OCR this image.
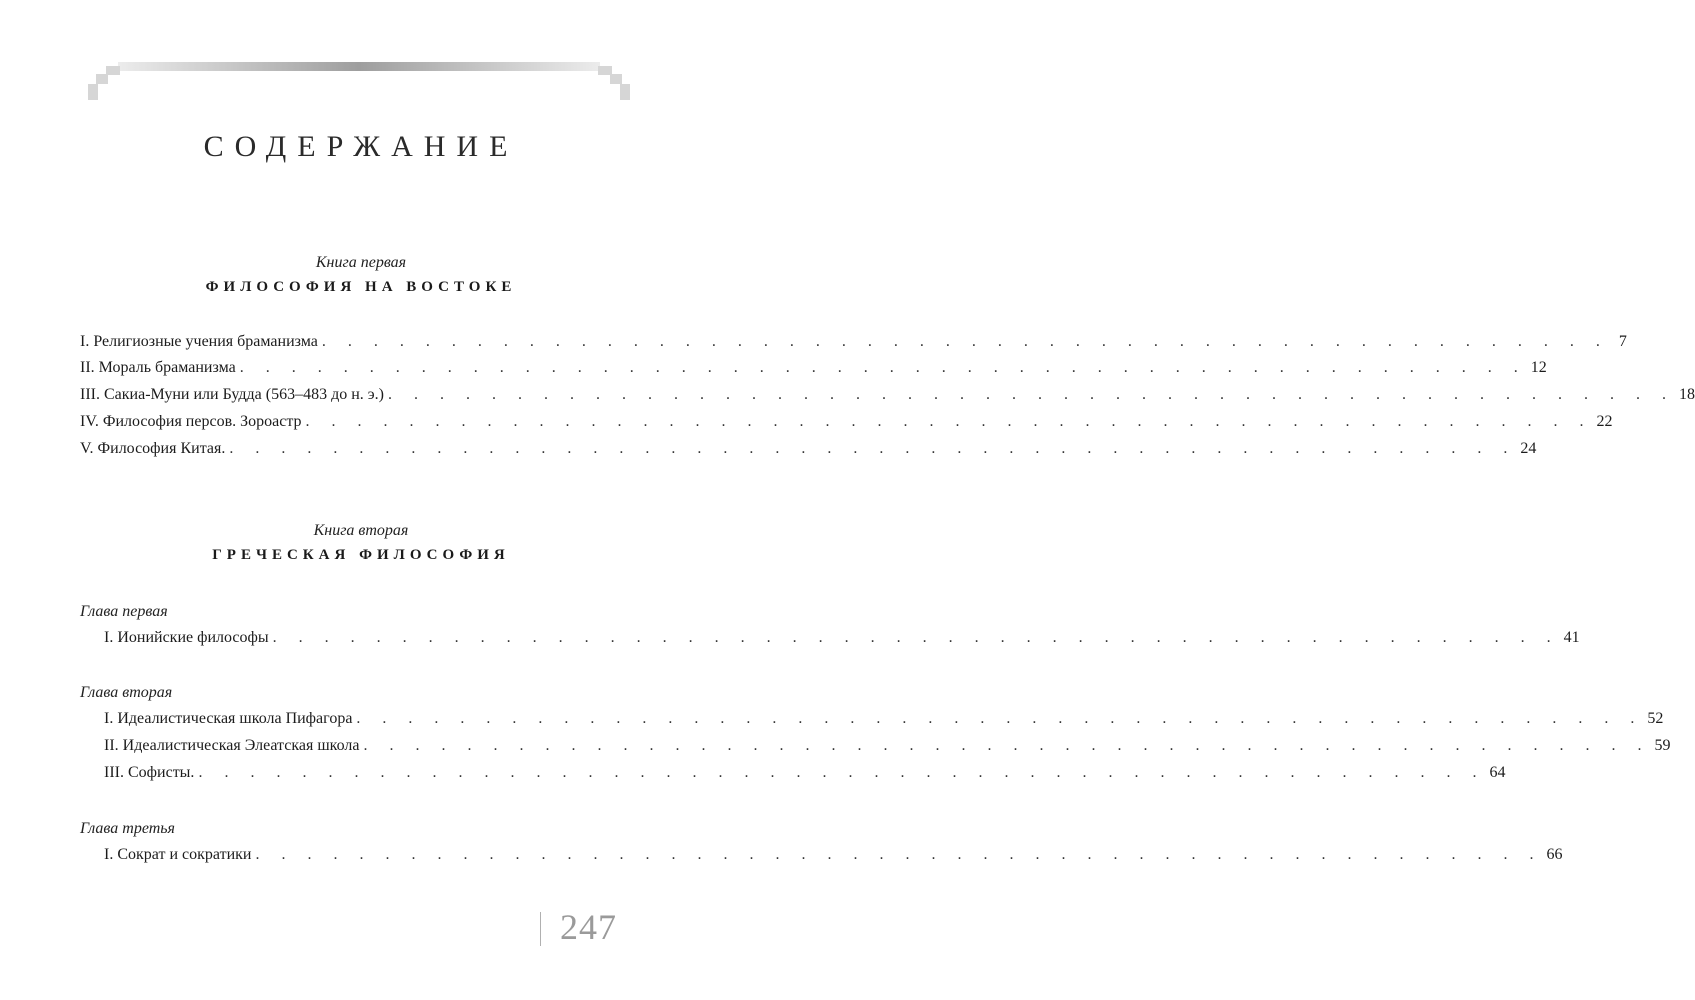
СОДЕРЖАНИЕ
Книга первая
ФИЛОСОФИЯ НА ВОСТОКЕ
I. Религиозные учения браманизма . . . . . . . . . . . . . . . . . . . . . . . . . . . . . . . . . . . . . . . . . . . . . . . . . . 7
II. Мораль браманизма . . . . . . . . . . . . . . . . . . . . . . . . . . . . . . . . . . . . . . . . . . . . . . . . . . 12
III. Сакиа-Муни или Будда (563–483 до н. э.) . . . . . . . . . . . . . . . . . . . . . . . . . . . . . . . . . . . . . . . . . . . . . . . . . . 18
IV. Философия персов. Зороастр . . . . . . . . . . . . . . . . . . . . . . . . . . . . . . . . . . . . . . . . . . . . . . . . . . 22
V. Философия Китая. . . . . . . . . . . . . . . . . . . . . . . . . . . . . . . . . . . . . . . . . . . . . . . . . . . 24
Книга вторая
ГРЕЧЕСКАЯ ФИЛОСОФИЯ
Глава первая
I. Ионийские философы . . . . . . . . . . . . . . . . . . . . . . . . . . . . . . . . . . . . . . . . . . . . . . . . . . 41
Глава вторая
I. Идеалистическая школа Пифагора . . . . . . . . . . . . . . . . . . . . . . . . . . . . . . . . . . . . . . . . . . . . . . . . . . 52
II. Идеалистическая Элеатская школа . . . . . . . . . . . . . . . . . . . . . . . . . . . . . . . . . . . . . . . . . . . . . . . . . . 59
III. Софисты. . . . . . . . . . . . . . . . . . . . . . . . . . . . . . . . . . . . . . . . . . . . . . . . . . . 64
Глава третья
I. Сократ и сократики . . . . . . . . . . . . . . . . . . . . . . . . . . . . . . . . . . . . . . . . . . . . . . . . . . 66
247
